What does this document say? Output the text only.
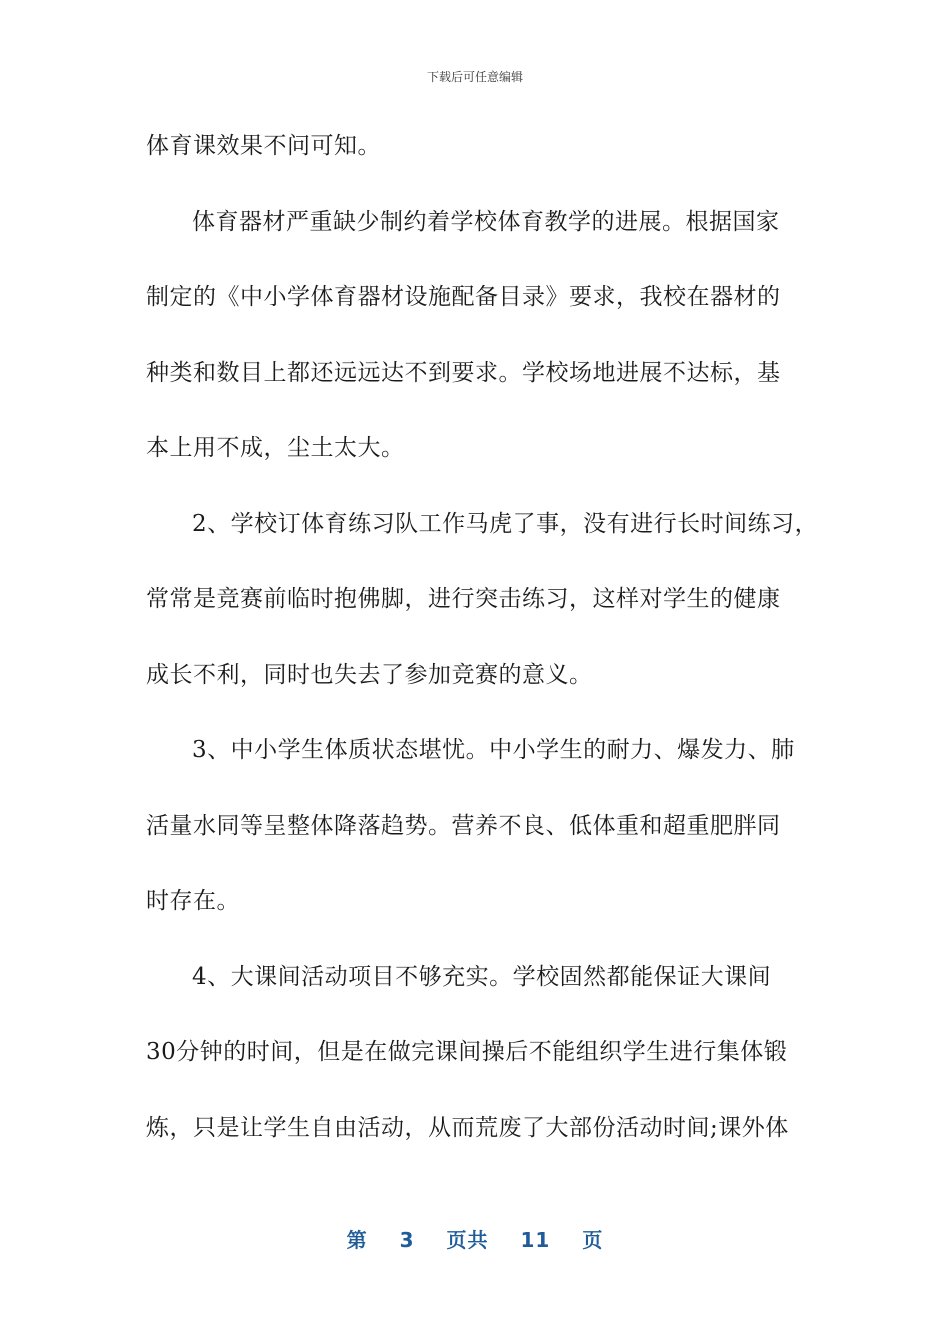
下载后可任意编辑
体育课效果不问可知。
体育器材严重缺少制约着学校体育教学的进展。根据国家
制定的《中小学体育器材设施配备目录》要求，我校在器材的
种类和数目上都还远远达不到要求。学校场地进展不达标，基
本上用不成，尘土太大。
2、学校订体育练习队工作马虎了事，没有进行长时间练习，
常常是竞赛前临时抱佛脚，进行突击练习，这样对学生的健康
成长不利，同时也失去了参加竞赛的意义。
3、中小学生体质状态堪忧。中小学生的耐力、爆发力、肺
活量水同等呈整体降落趋势。营养不良、低体重和超重肥胖同
时存在。
4、大课间活动项目不够充实。学校固然都能保证大课间
30分钟的时间，但是在做完课间操后不能组织学生进行集体锻
炼，只是让学生自由活动，从而荒废了大部份活动时间;课外体
第 3 页共 11 页
